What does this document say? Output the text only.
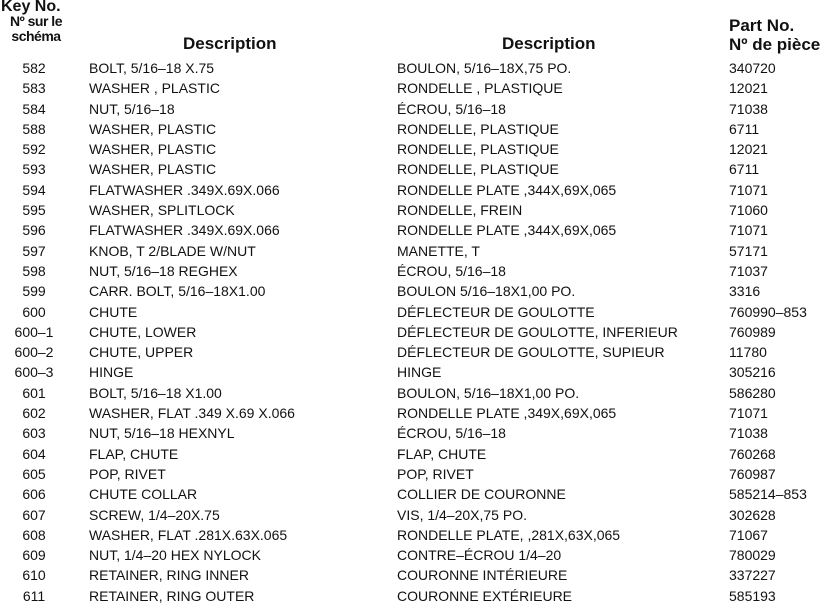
Key No.
Nº sur le
schéma	Description	Description
Part No.
Nº de pièce
582	BOLT, 5/16–18 X.75	BOULON, 5/16–18X,75 PO.	340720
583	WASHER , PLASTIC	RONDELLE , PLASTIQUE	12021
584	NUT, 5/16–18	ÉCROU, 5/16–18	71038
588	WASHER, PLASTIC	RONDELLE, PLASTIQUE	6711
592	WASHER, PLASTIC	RONDELLE, PLASTIQUE	12021
593	WASHER, PLASTIC	RONDELLE, PLASTIQUE	6711
594	FLATWASHER .349X.69X.066	RONDELLE PLATE ,344X,69X,065	71071
595	WASHER, SPLITLOCK	RONDELLE, FREIN	71060
596	FLATWASHER .349X.69X.066	RONDELLE PLATE ,344X,69X,065	71071
597	KNOB, T 2/BLADE W/NUT	MANETTE, T	57171
598	NUT, 5/16–18 REGHEX	ÉCROU, 5/16–18	71037
599	CARR. BOLT, 5/16–18X1.00	BOULON 5/16–18X1,00 PO.	3316
600	CHUTE	DÉFLECTEUR DE GOULOTTE	760990–853
600–1	CHUTE, LOWER	DÉFLECTEUR DE GOULOTTE, INFERIEUR	760989
600–2	CHUTE, UPPER	DÉFLECTEUR DE GOULOTTE, SUPIEUR	11780
600–3	HINGE	HINGE	305216
601	BOLT, 5/16–18 X1.00	BOULON, 5/16–18X1,00 PO.	586280
602	WASHER, FLAT .349 X.69 X.066	RONDELLE PLATE ,349X,69X,065	71071
603	NUT, 5/16–18 HEXNYL	ÉCROU, 5/16–18	71038
604	FLAP, CHUTE	FLAP, CHUTE	760268
605	POP, RIVET	POP, RIVET	760987
606	CHUTE COLLAR	COLLIER DE COURONNE	585214–853
607	SCREW, 1/4–20X.75	VIS, 1/4–20X,75 PO.	302628
608	WASHER, FLAT .281X.63X.065	RONDELLE PLATE, ,281X,63X,065	71067
609	NUT, 1/4–20 HEX NYLOCK	CONTRE–ÉCROU 1/4–20	780029
610	RETAINER, RING INNER	COURONNE INTÉRIEURE	337227
611	RETAINER, RING OUTER	COURONNE EXTÉRIEURE	585193
